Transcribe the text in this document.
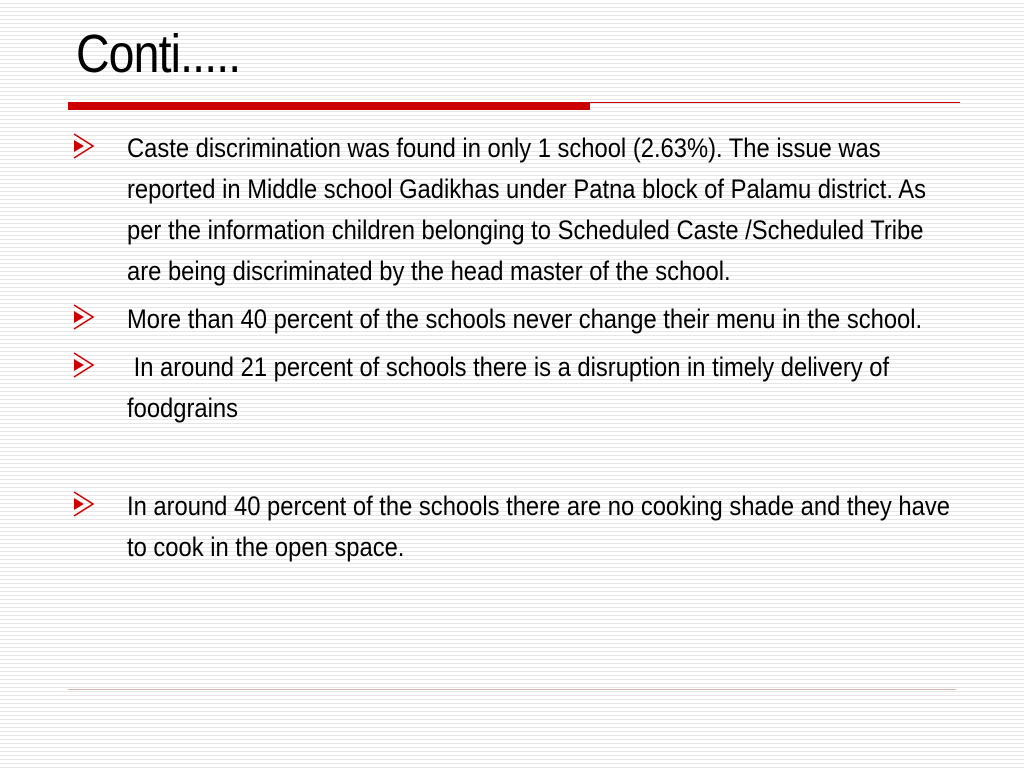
Conti.....
Caste discrimination was found in only 1 school (2.63%). The issue was reported in Middle school Gadikhas under Patna block of Palamu district. As per the information children belonging to Scheduled Caste /Scheduled Tribe are being discriminated by the head master of the school.
More than 40 percent of the schools never change their menu in the school.
In around 21 percent of schools there is a disruption in timely delivery of foodgrains
In around 40 percent of the schools there are no cooking shade and they have to cook in the open space.
